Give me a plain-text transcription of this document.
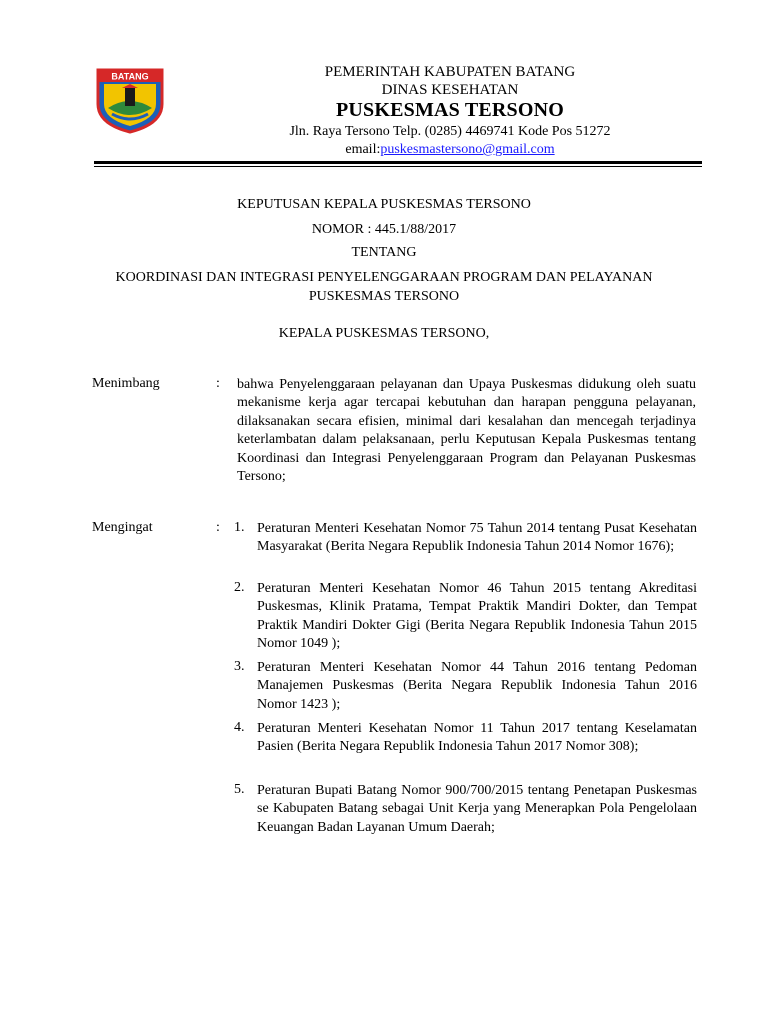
BATANG	PEMERINTAH KABUPATEN BATANG
DINAS KESEHATAN
PUSKESMAS TERSONO
Jln. Raya Tersono Telp. (0285) 4469741 Kode Pos 51272
email:puskesmastersono@gmail.com
KEPUTUSAN KEPALA PUSKESMAS TERSONO
NOMOR : 445.1/88/2017
TENTANG
KOORDINASI DAN INTEGRASI PENYELENGGARAAN PROGRAM DAN PELAYANAN
PUSKESMAS TERSONO
KEPALA PUSKESMAS TERSONO,
Menimbang	: bahwa Penyelenggaraan pelayanan dan Upaya Puskesmas didukung oleh suatu mekanisme kerja agar tercapai kebutuhan dan harapan pengguna pelayanan, dilaksanakan secara efisien, minimal dari kesalahan dan mencegah terjadinya keterlambatan dalam pelaksanaan, perlu Keputusan Kepala Puskesmas tentang Koordinasi dan Integrasi Penyelenggaraan Program dan Pelayanan Puskesmas Tersono;
Mengingat	: 1. Peraturan Menteri Kesehatan Nomor 75 Tahun 2014 tentang Pusat Kesehatan Masyarakat (Berita Negara Republik Indonesia Tahun 2014 Nomor 1676);
2. Peraturan Menteri Kesehatan Nomor 46 Tahun 2015 tentang Akreditasi Puskesmas, Klinik Pratama, Tempat Praktik Mandiri Dokter, dan Tempat Praktik Mandiri Dokter Gigi (Berita Negara Republik Indonesia Tahun 2015 Nomor 1049 );
3. Peraturan Menteri Kesehatan Nomor 44 Tahun 2016 tentang Pedoman Manajemen Puskesmas (Berita Negara Republik Indonesia Tahun 2016 Nomor 1423 );
4. Peraturan Menteri Kesehatan Nomor 11 Tahun 2017 tentang Keselamatan Pasien (Berita Negara Republik Indonesia Tahun 2017 Nomor 308);
5. Peraturan Bupati Batang Nomor 900/700/2015 tentang Penetapan Puskesmas se Kabupaten Batang sebagai Unit Kerja yang Menerapkan Pola Pengelolaan Keuangan Badan Layanan Umum Daerah;
